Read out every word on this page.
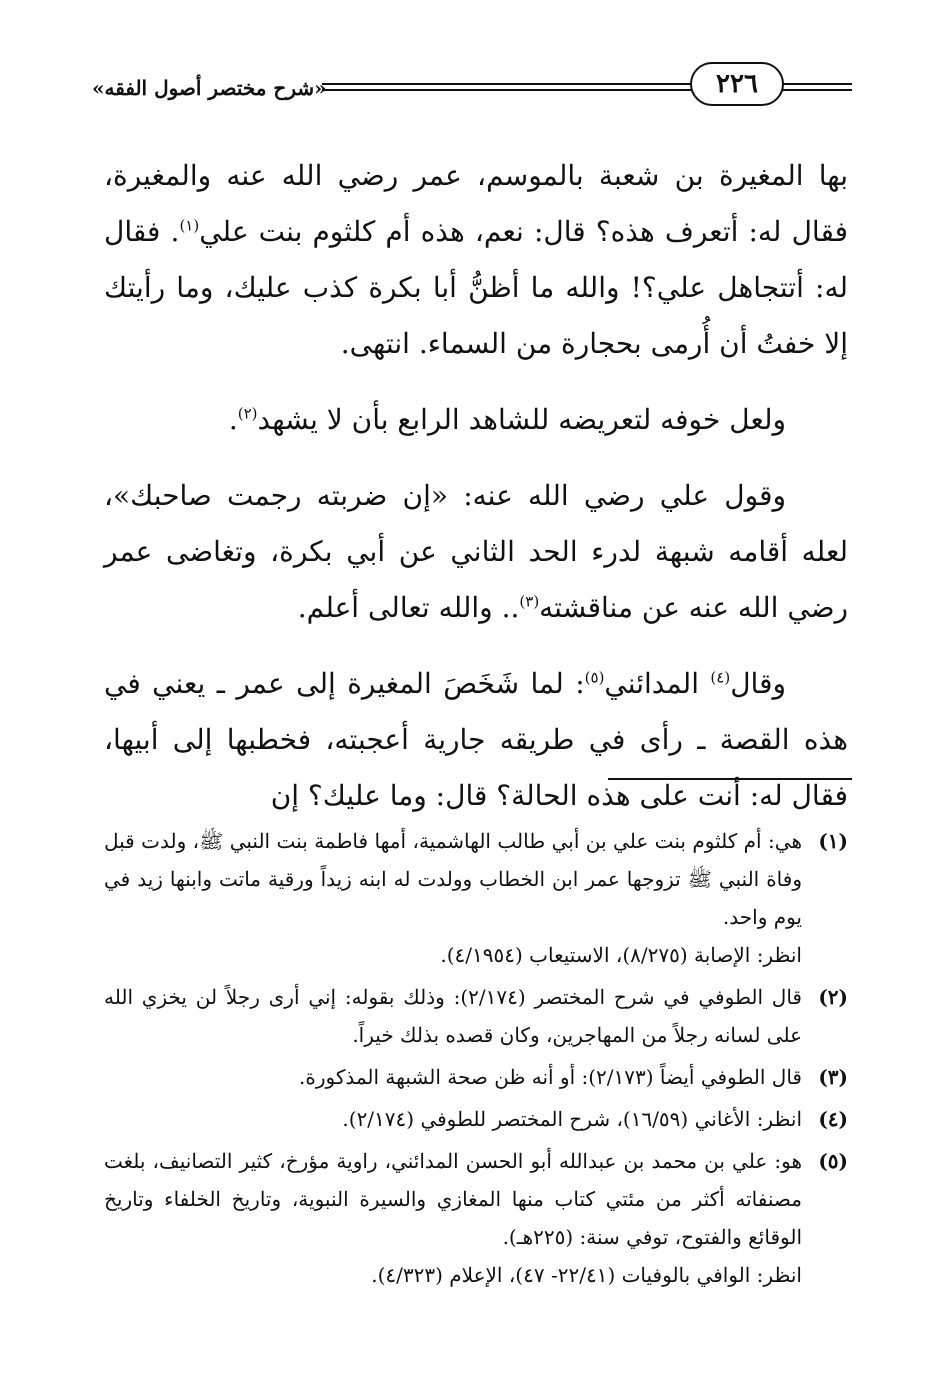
«شرح مختصر أصول الفقه»	٢٢٦

بها المغيرة بن شعبة بالموسم، عمر رضي الله عنه والمغيرة، فقال له: أتعرف هذه؟ قال: نعم، هذه أم كلثوم بنت علي$^{(١)}$. فقال له: أتتجاهل علي؟! والله ما أظنُّ أبا بكرة كذب عليك، وما رأيتك إلا خفتُ أن أُرمى بحجارة من السماء. انتهى.

ولعل خوفه لتعريضه للشاهد الرابع بأن لا يشهد$^{(٢)}$.

وقول علي رضي الله عنه: «إن ضربته رجمت صاحبك»، لعله أقامه شبهة لدرء الحد الثاني عن أبي بكرة، وتغاضى عمر رضي الله عنه عن مناقشته$^{(٣)}$.. والله تعالى أعلم.

وقال$^{(٤)}$ المدائني$^{(٥)}$: لما شَخَصَ المغيرة إلى عمر ـ يعني في هذه القصة ـ رأى في طريقه جارية أعجبته، فخطبها إلى أبيها، فقال له: أنت على هذه الحالة؟ قال: وما عليك؟ إن

(١)
هي: أم كلثوم بنت علي بن أبي طالب الهاشمية، أمها فاطمة بنت النبي ﷺ، ولدت قبل وفاة النبي ﷺ تزوجها عمر ابن الخطاب وولدت له ابنه زيداً ورقية ماتت وابنها زيد في يوم واحد.
انظر: الإصابة (٨/٢٧٥)، الاستيعاب (٤/١٩٥٤).
(٢)
قال الطوفي في شرح المختصر (٢/١٧٤): وذلك بقوله: إني أرى رجلاً لن يخزي الله على لسانه رجلاً من المهاجرين، وكان قصده بذلك خيراً.
(٣)
قال الطوفي أيضاً (٢/١٧٣): أو أنه ظن صحة الشبهة المذكورة.
(٤)
انظر: الأغاني (١٦/٥٩)، شرح المختصر للطوفي (٢/١٧٤).
(٥)
هو: علي بن محمد بن عبدالله أبو الحسن المدائني، راوية مؤرخ، كثير التصانيف، بلغت مصنفاته أكثر من مئتي كتاب منها المغازي والسيرة النبوية، وتاريخ الخلفاء وتاريخ الوقائع والفتوح، توفي سنة: (٢٢٥هـ).
انظر: الوافي بالوفيات (٢٢/٤١- ٤٧)، الإعلام (٤/٣٢٣).
